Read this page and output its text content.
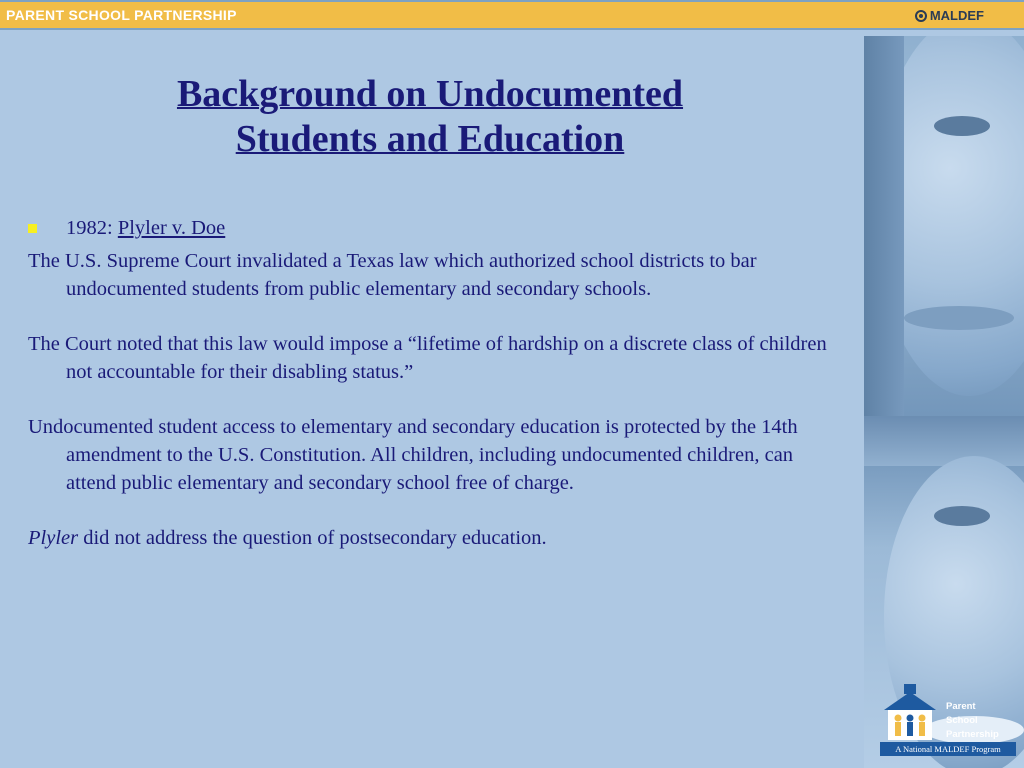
PARENT SCHOOL PARTNERSHIP	MALDEF
Parent
School
Partnership
A National MALDEF Program
Background on Undocumented
Students and Education
1982: Plyler v. Doe

The U.S. Supreme Court invalidated a Texas law which authorized school districts to bar undocumented students from public elementary and secondary schools.

The Court noted that this law would impose a “lifetime of hardship on a discrete class of children not accountable for their disabling status.”

Undocumented student access to elementary and secondary education is protected by the 14th amendment to the U.S. Constitution. All children, including undocumented children, can attend public elementary and secondary school free of charge.

Plyler did not address the question of postsecondary education.
